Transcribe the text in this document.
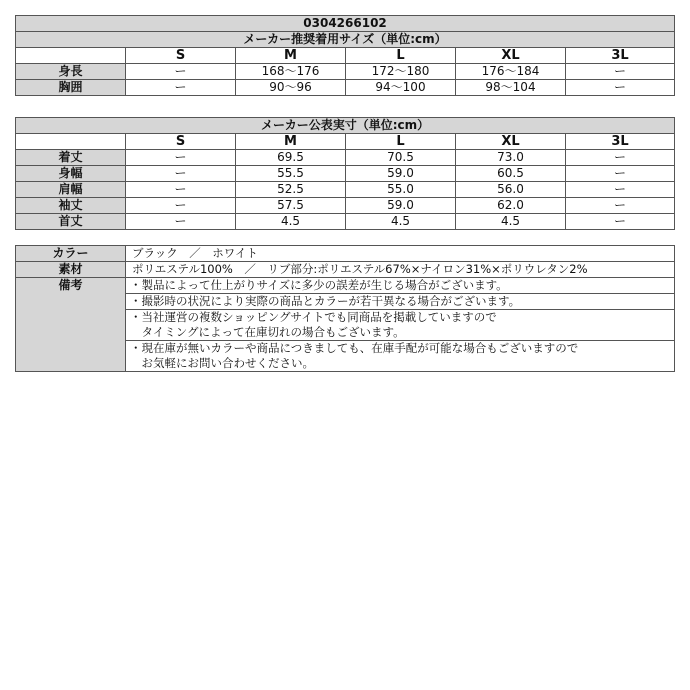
0304266102					
メーカー推奨着用サイズ（単位:cm）					
	S	M	L	XL	3L
身長	ー	168～176	172～180	176～184	ー
胸囲	ー	90～96	94～100	98～104	ー
メーカー公表実寸（単位:cm）					
	S	M	L	XL	3L
着丈	ー	69.5	70.5	73.0	ー
身幅	ー	55.5	59.0	60.5	ー
肩幅	ー	52.5	55.0	56.0	ー
袖丈	ー	57.5	59.0	62.0	ー
首丈	ー	4.5	4.5	4.5	ー
カラー	ブラック　／　ホワイト
素材	ポリエステル100%　／　リブ部分:ポリエステル67%×ナイロン31%×ポリウレタン2%
備考	・製品によって仕上がりサイズに多少の誤差が生じる場合がございます。

	・撮影時の状況により実際の商品とカラーが若干異なる場合がございます。

	・当社運営の複数ショッピングサイトでも同商品を掲載していますので
　タイミングによって在庫切れの場合もございます。

	・現在庫が無いカラーや商品につきましても、在庫手配が可能な場合もございますので
　お気軽にお問い合わせください。
